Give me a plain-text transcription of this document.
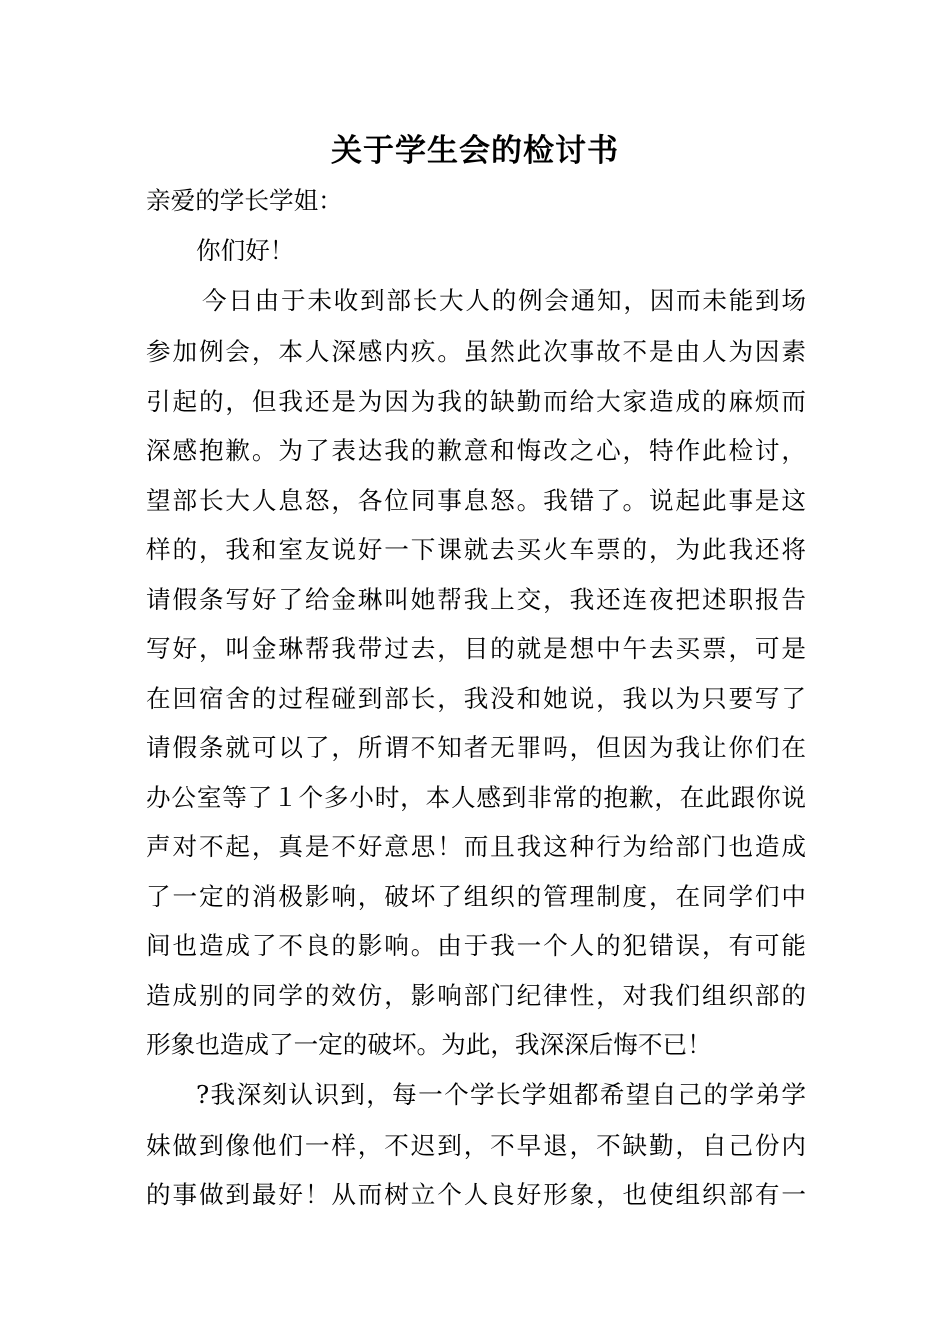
关于学生会的检讨书
亲爱的学长学姐：
你们好！
今日由于未收到部长大人的例会通知，因而未能到场
参加例会，本人深感内疚。虽然此次事故不是由人为因素
引起的，但我还是为因为我的缺勤而给大家造成的麻烦而
深感抱歉。为了表达我的歉意和悔改之心，特作此检讨，
望部长大人息怒，各位同事息怒。我错了。说起此事是这
样的，我和室友说好一下课就去买火车票的，为此我还将
请假条写好了给金琳叫她帮我上交，我还连夜把述职报告
写好，叫金琳帮我带过去，目的就是想中午去买票，可是
在回宿舍的过程碰到部长，我没和她说，我以为只要写了
请假条就可以了，所谓不知者无罪吗，但因为我让你们在
办公室等了１个多小时，本人感到非常的抱歉，在此跟你说
声对不起，真是不好意思！而且我这种行为给部门也造成
了一定的消极影响，破坏了组织的管理制度，在同学们中
间也造成了不良的影响。由于我一个人的犯错误，有可能
造成别的同学的效仿，影响部门纪律性，对我们组织部的
形象也造成了一定的破坏。为此，我深深后悔不已！
?我深刻认识到，每一个学长学姐都希望自己的学弟学
妹做到像他们一样，不迟到，不早退，不缺勤，自己份内
的事做到最好！从而树立个人良好形象，也使组织部有一
